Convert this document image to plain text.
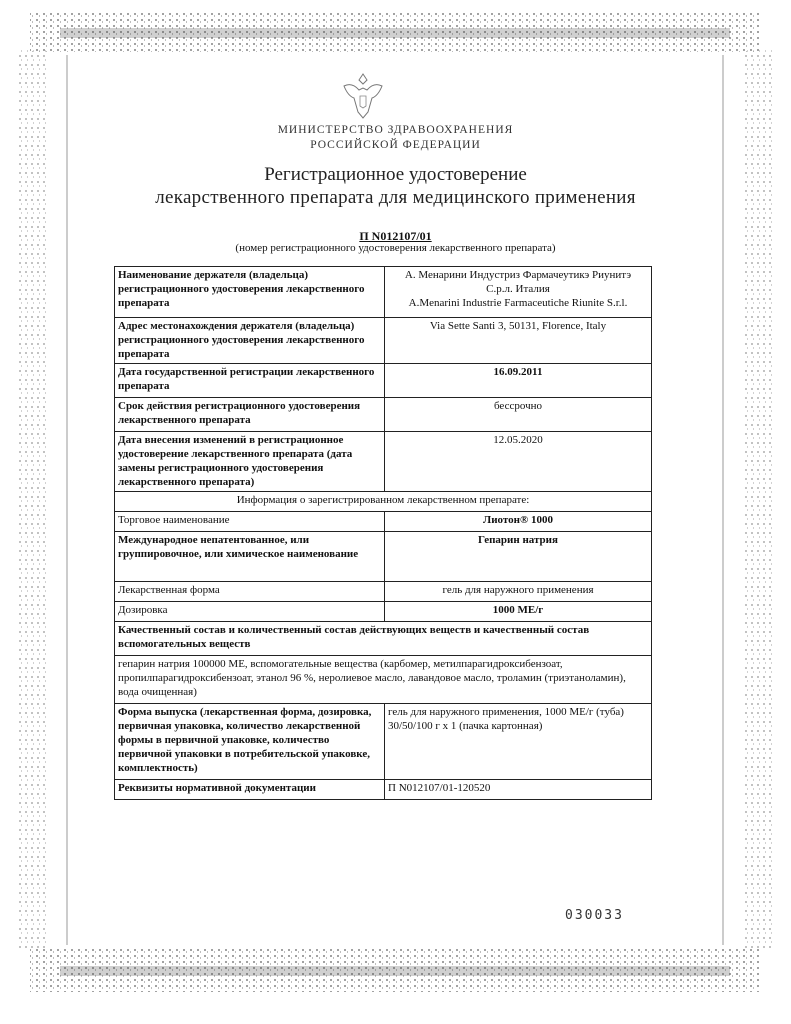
МИНИСТЕРСТВО ЗДРАВООХРАНЕНИЯ
РОССИЙСКОЙ ФЕДЕРАЦИИ
Регистрационное удостоверение
лекарственного препарата для медицинского применения
П N012107/01
(номер регистрационного удостоверения лекарственного препарата)
Наименование держателя (владельца) регистрационного удостоверения лекарственного препарата	А. Менарини Индустриз Фармачеутикэ Риунитэ
С.р.л. Италия
A.Menarini Industrie Farmaceutiche Riunite S.r.l.

Адрес местонахождения держателя (владельца) регистрационного удостоверения лекарственного препарата	Via Sette Santi 3, 50131, Florence, Italy
Дата государственной регистрации лекарственного препарата	16.09.2011
Срок действия регистрационного удостоверения лекарственного препарата	бессрочно
Дата внесения изменений в регистрационное удостоверение лекарственного препарата (дата замены регистрационного удостоверения лекарственного препарата)	12.05.2020
Информация о зарегистрированном лекарственном препарате:	
Торговое наименование	Лиотон® 1000
Международное непатентованное, или группировочное, или химическое наименование	Гепарин натрия
Лекарственная форма	гель для наружного применения
Дозировка	1000 МЕ/г
Качественный состав и количественный состав действующих веществ и качественный состав вспомогательных веществ	
гепарин натрия 100000 МЕ, вспомогательные вещества (карбомер, метилпарагидроксибензоат, пропилпарагидроксибензоат, этанол 96 %, неролиевое масло, лавандовое масло, троламин (триэтаноламин), вода очищенная)	
Форма выпуска (лекарственная форма, дозировка, первичная упаковка, количество лекарственной формы в первичной упаковке, количество первичной упаковки в потребительской упаковке, комплектность)	гель для наружного применения, 1000 МЕ/г (туба) 30/50/100 г x 1 (пачка картонная)
Реквизиты нормативной документации	П N012107/01-120520
030033
